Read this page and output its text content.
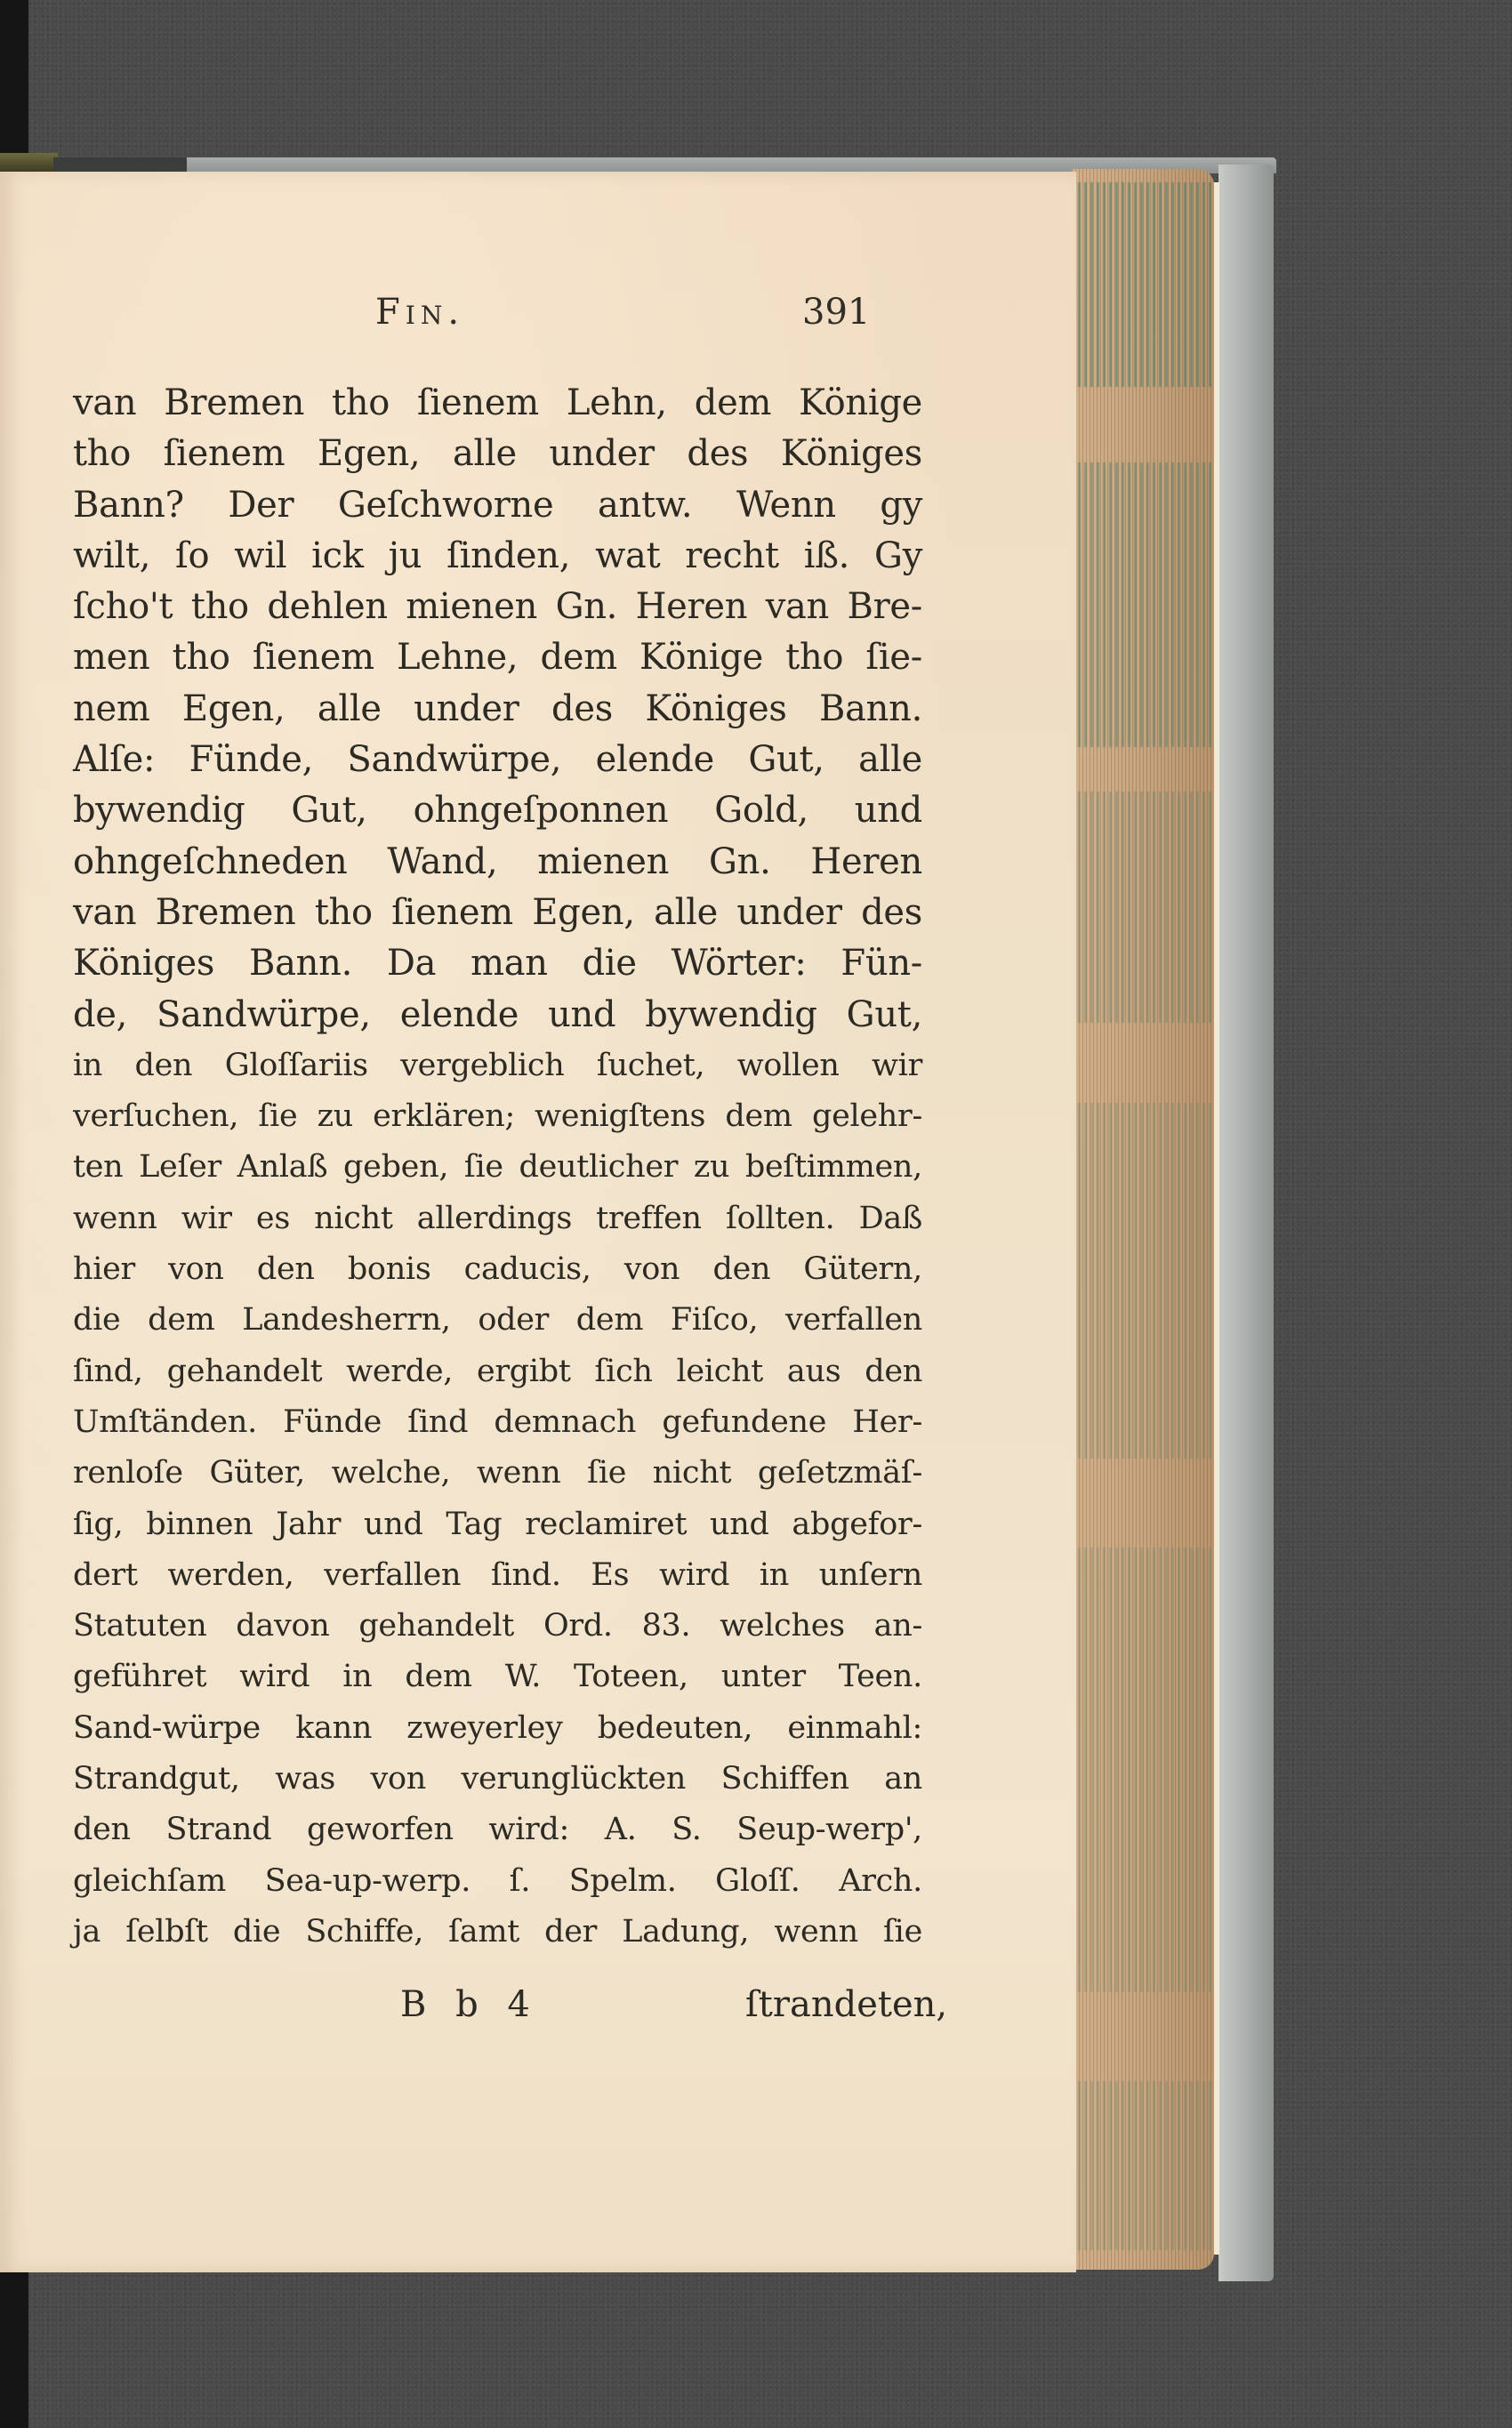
Fin.	391
van Bremen tho ſienem Lehn, dem Könige
tho ſienem Egen, alle under des Königes
Bann? Der Geſchworne antw. Wenn gy
wilt, ſo wil ick ju ſinden, wat recht iß. Gy
ſcho't tho dehlen mienen Gn. Heren van Bre-
men tho ſienem Lehne, dem Könige tho ſie-
nem Egen, alle under des Königes Bann.
Alſe: Fünde, Sandwürpe, elende Gut, alle
bywendig Gut, ohngeſponnen Gold, und
ohngeſchneden Wand, mienen Gn. Heren
van Bremen tho ſienem Egen, alle under des
Königes Bann. Da man die Wörter: Fün-
de, Sandwürpe, elende und bywendig Gut,
in den Gloſſariis vergeblich ſuchet, wollen wir
verſuchen, ſie zu erklären; wenigſtens dem gelehr-
ten Leſer Anlaß geben, ſie deutlicher zu beſtimmen,
wenn wir es nicht allerdings treffen ſollten. Daß
hier von den bonis caducis, von den Gütern,
die dem Landesherrn, oder dem Fiſco, verfallen
ſind, gehandelt werde, ergibt ſich leicht aus den
Umſtänden. Fünde ſind demnach gefundene Her-
renloſe Güter, welche, wenn ſie nicht geſetzmäſ-
ſig, binnen Jahr und Tag reclamiret und abgefor-
dert werden, verfallen ſind. Es wird in unſern
Statuten davon gehandelt Ord. 83. welches an-
geführet wird in dem W. Toteen, unter Teen.
Sand-würpe kann zweyerley bedeuten, einmahl:
Strandgut, was von verunglückten Schiffen an
den Strand geworfen wird: A. S. Seup-werp',
gleichſam Sea-up-werp. ſ. Spelm. Gloſſ. Arch.
ja ſelbſt die Schiffe, ſamt der Ladung, wenn ſie
B b 4	ſtrandeten,
